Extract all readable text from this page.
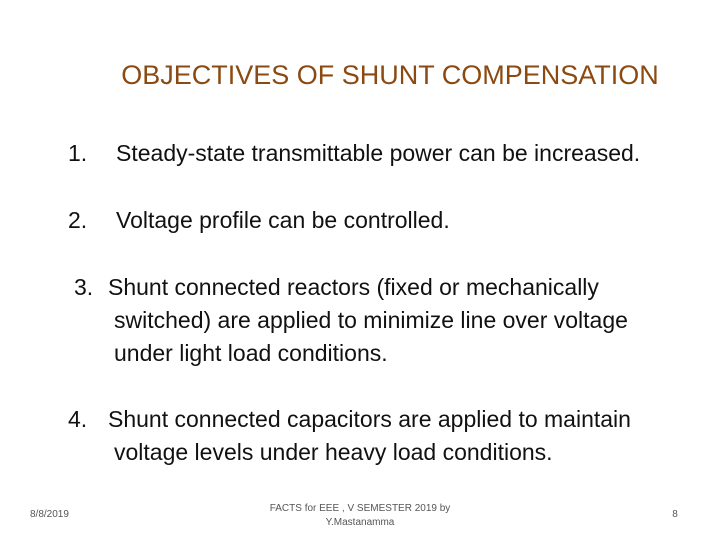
OBJECTIVES OF SHUNT COMPENSATION
1. Steady-state transmittable power can be increased.
2. Voltage profile can be controlled.
3. Shunt connected reactors (fixed or mechanically
switched) are applied to minimize line over voltage
under light load conditions.
4. Shunt connected capacitors are applied to maintain
voltage levels under heavy load conditions.
8/8/2019
FACTS for EEE , V SEMESTER 2019 by
Y.Mastanamma
8
